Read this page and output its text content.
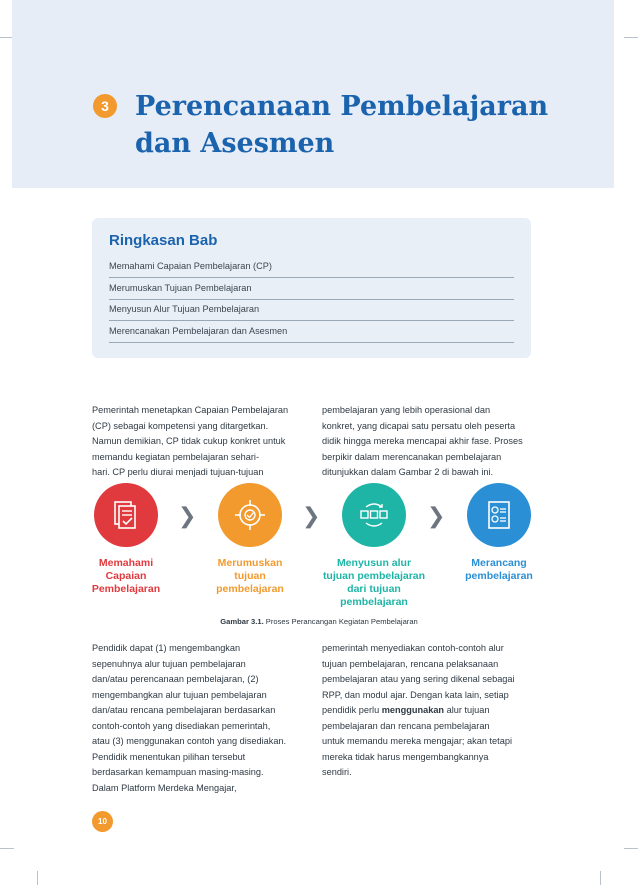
3 Perencanaan Pembelajaran
dan Asesmen
Ringkasan Bab
Memahami Capaian Pembelajaran (CP)
Merumuskan Tujuan Pembelajaran
Menyusun Alur Tujuan Pembelajaran
Merencanakan Pembelajaran dan Asesmen
Pemerintah menetapkan Capaian Pembelajaran
(CP) sebagai kompetensi yang ditargetkan.
Namun demikian, CP tidak cukup konkret untuk
memandu kegiatan pembelajaran sehari-
hari. CP perlu diurai menjadi tujuan-tujuan
pembelajaran yang lebih operasional dan
konkret, yang dicapai satu persatu oleh peserta
didik hingga mereka mencapai akhir fase. Proses
berpikir dalam merencanakan pembelajaran
ditunjukkan dalam Gambar 2 di bawah ini.
❯	❯	❯
Memahami
Capaian
Pembelajaran
Merumuskan
tujuan
pembelajaran
Menyusun alur
tujuan pembelajaran
dari tujuan
pembelajaran
Merancang
pembelajaran
Gambar 3.1. Proses Perancangan Kegiatan Pembelajaran
Pendidik dapat (1) mengembangkan
sepenuhnya alur tujuan pembelajaran
dan/atau perencanaan pembelajaran, (2)
mengembangkan alur tujuan pembelajaran
dan/atau rencana pembelajaran berdasarkan
contoh-contoh yang disediakan pemerintah,
atau (3) menggunakan contoh yang disediakan.
Pendidik menentukan pilihan tersebut
berdasarkan kemampuan masing-masing.
Dalam Platform Merdeka Mengajar,
pemerintah menyediakan contoh-contoh alur
tujuan pembelajaran, rencana pelaksanaan
pembelajaran atau yang sering dikenal sebagai
RPP, dan modul ajar. Dengan kata lain, setiap
pendidik perlu menggunakan alur tujuan
pembelajaran dan rencana pembelajaran
untuk memandu mereka mengajar; akan tetapi
mereka tidak harus mengembangkannya
sendiri.
10
